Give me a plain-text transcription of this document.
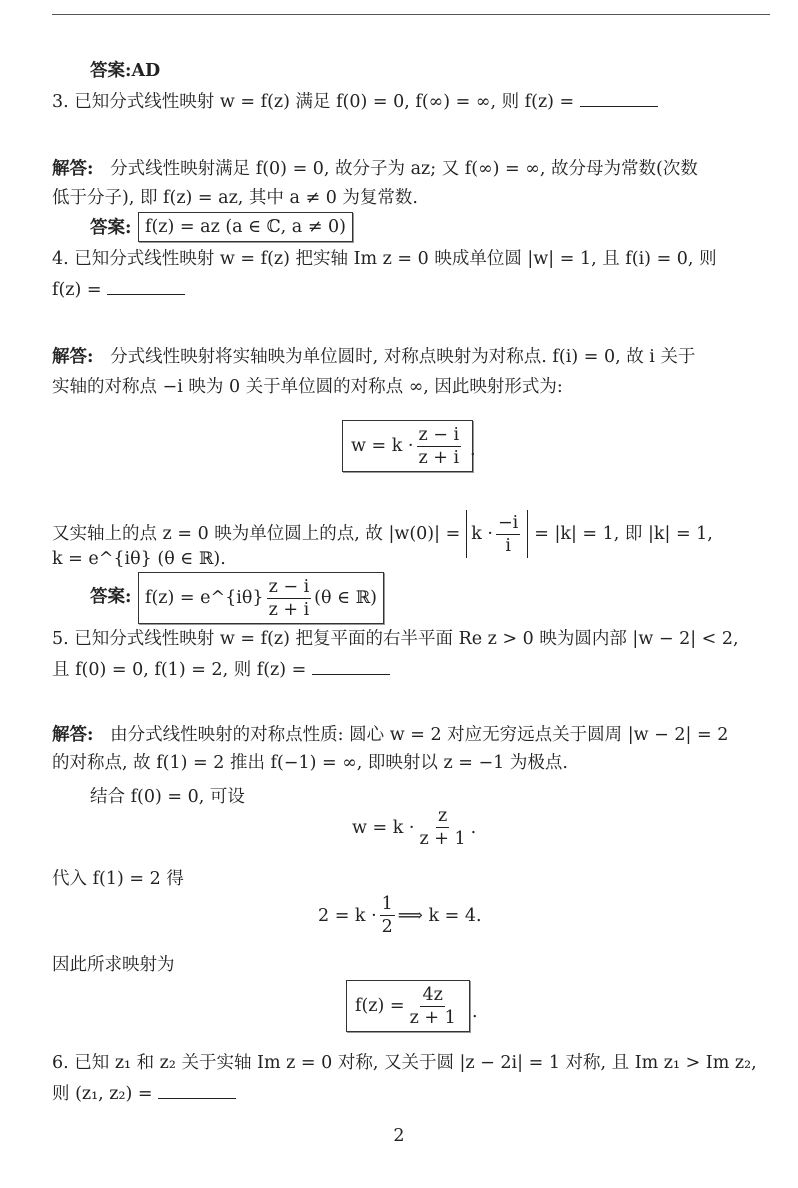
答案:AD
3. 已知分式线性映射 w = f(z) 满足 f(0) = 0, f(∞) = ∞, 则 f(z) =
解答: 分式线性映射满足 f(0) = 0, 故分子为 az; 又 f(∞) = ∞, 故分母为常数(次数
低于分子), 即 f(z) = az, 其中 a ≠ 0 为复常数.
答案: f(z) = az (a ∈ ℂ, a ≠ 0)
4. 已知分式线性映射 w = f(z) 把实轴 Im z = 0 映成单位圆 |w| = 1, 且 f(i) = 0, 则
f(z) =
解答: 分式线性映射将实轴映为单位圆时, 对称点映射为对称点. f(i) = 0, 故 i 关于
实轴的对称点 −i 映为 0 关于单位圆的对称点 ∞, 因此映射形式为:
$w = k \cdot \frac{z - i}{z + i}$ .
又实轴上的点 z = 0 映为单位圆上的点, 故 $|w(0)| = k \cdot \frac{-i}{i} = |k| = 1$, 即 |k| = 1,
k = e^{iθ} (θ ∈ ℝ).
答案: f(z) = e^{iθ} $\frac{z - i}{z + i} (\theta$ ∈ ℝ)
5. 已知分式线性映射 w = f(z) 把复平面的右半平面 Re z > 0 映为圆内部 |w − 2| < 2,
且 f(0) = 0, f(1) = 2, 则 f(z) =
解答: 由分式线性映射的对称点性质: 圆心 w = 2 对应无穷远点关于圆周 |w − 2| = 2
的对称点, 故 f(1) = 2 推出 f(−1) = ∞, 即映射以 z = −1 为极点.
结合 f(0) = 0, 可设
$w = k \cdot \frac{z}{z + 1}$ .
代入 f(1) = 2 得
$2 = k \cdot \frac{1}{2}$ ⟹ k = 4.
因此所求映射为
$f(z) = \frac{4z}{z + 1}$ .
6. 已知 z₁ 和 z₂ 关于实轴 Im z = 0 对称, 又关于圆 |z − 2i| = 1 对称, 且 Im z₁ > Im z₂,
则 (z₁, z₂) =
2
